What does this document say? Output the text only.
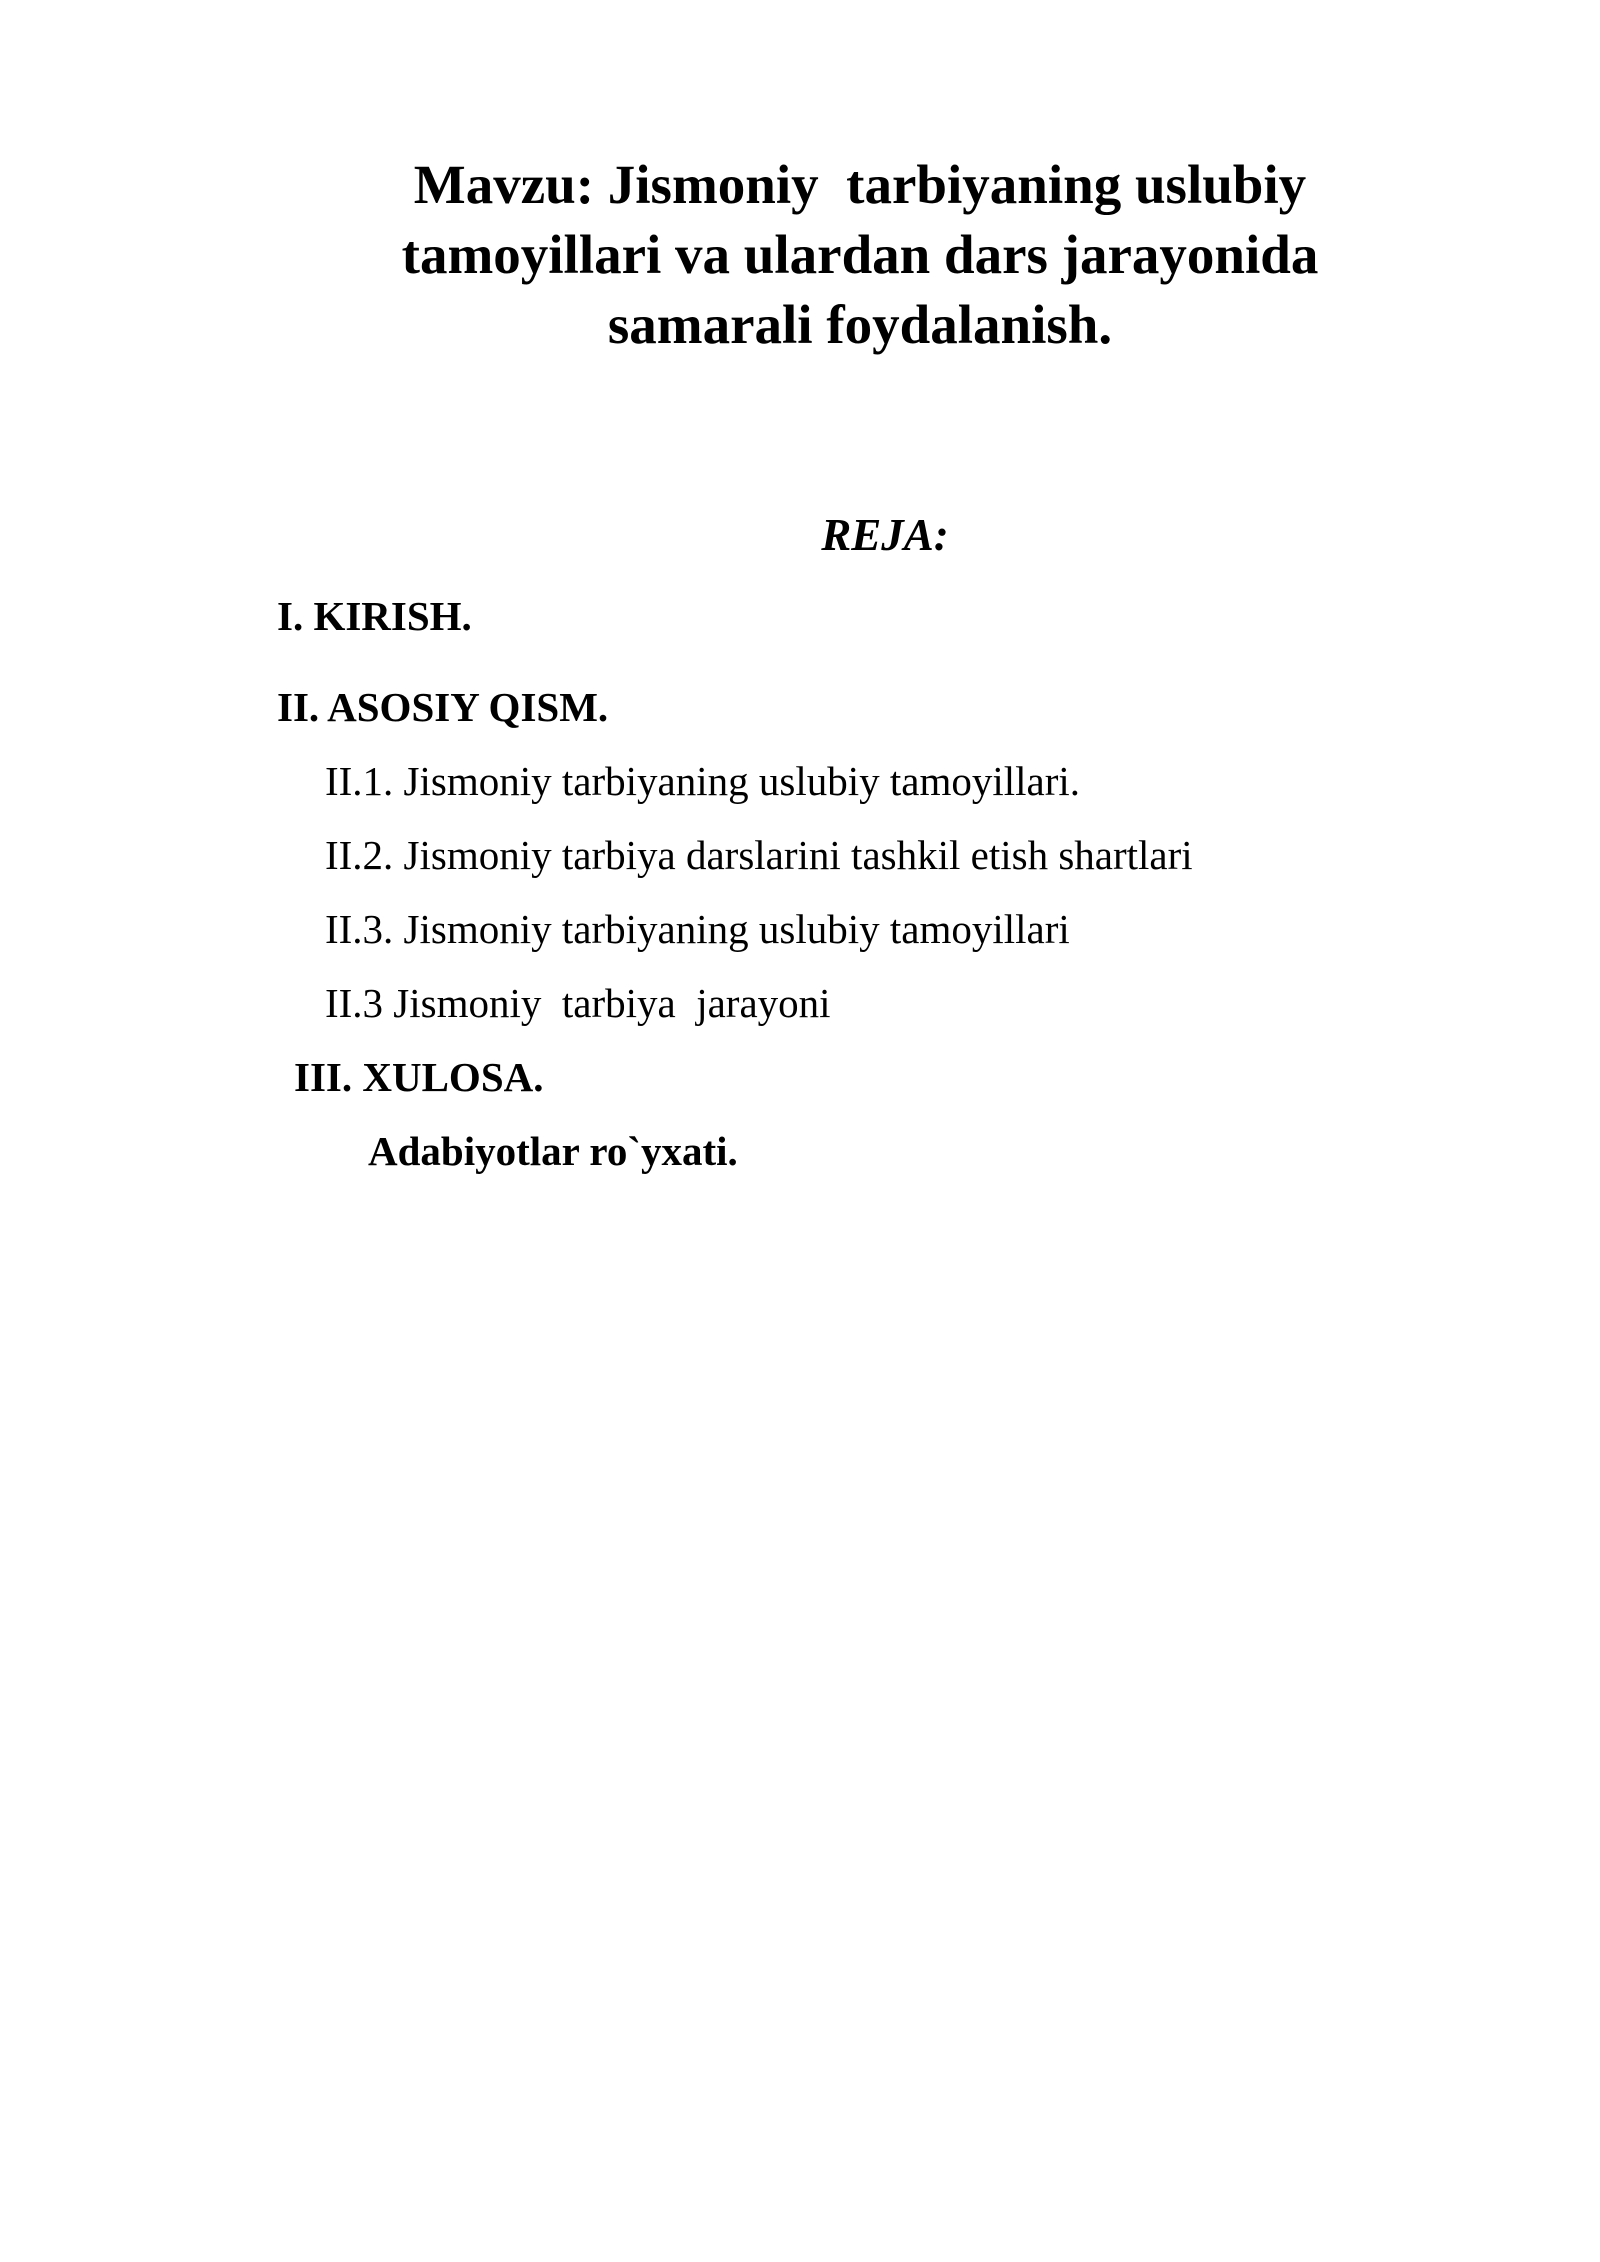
Mavzu: Jismoniy  tarbiyaning uslubiy
tamoyillari va ulardan dars jarayonida
samarali foydalanish.
REJA:
I. KIRISH.
II. ASOSIY QISM.
II.1. Jismoniy tarbiyaning uslubiy tamoyillari.
II.2. Jismoniy tarbiya darslarini tashkil etish shartlari
II.3. Jismoniy tarbiyaning uslubiy tamoyillari
II.3 Jismoniy  tarbiya  jarayoni
III. XULOSA.
Adabiyotlar ro`yxati.
